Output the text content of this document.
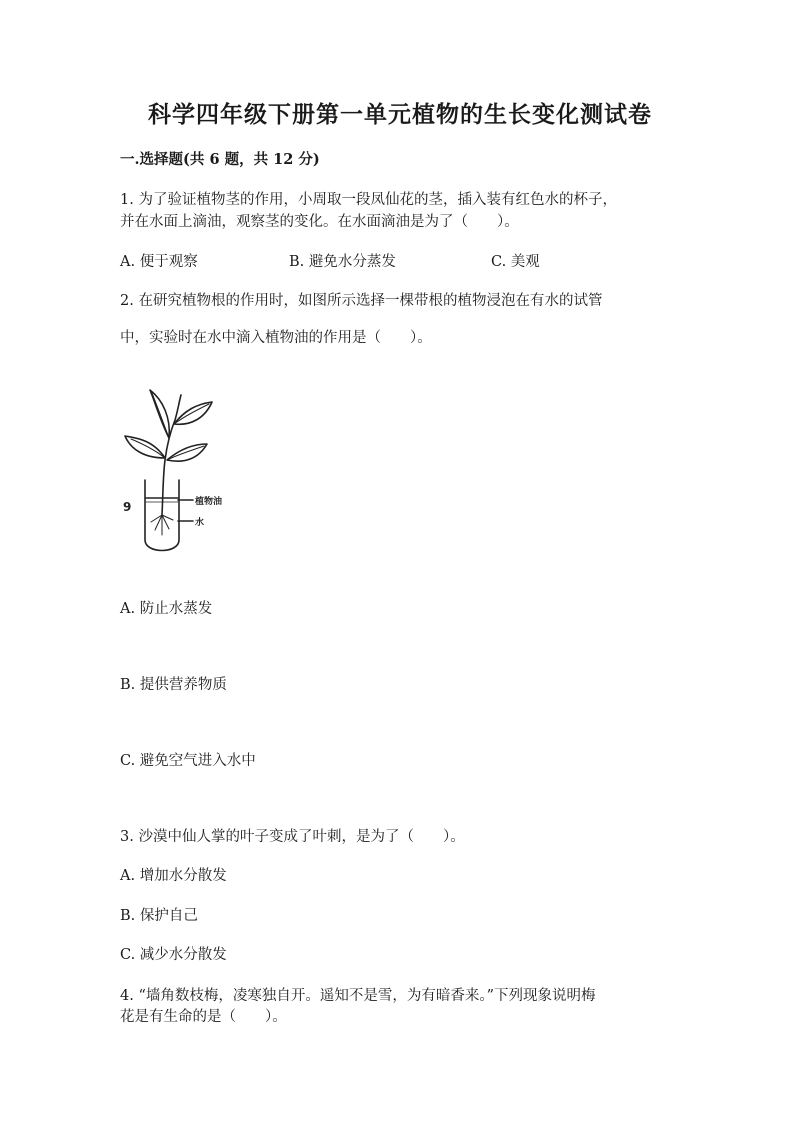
科学四年级下册第一单元植物的生长变化测试卷
一.选择题(共 6 题，共 12 分)
1. 为了验证植物茎的作用，小周取一段凤仙花的茎，插入装有红色水的杯子，
并在水面上滴油，观察茎的变化。在水面滴油是为了（　　）。
A. 便于观察	B. 避免水分蒸发	C. 美观
2. 在研究植物根的作用时，如图所示选择一棵带根的植物浸泡在有水的试管
中，实验时在水中滴入植物油的作用是（　　）。
9	植物油
水
A. 防止水蒸发
B. 提供营养物质
C. 避免空气进入水中
3. 沙漠中仙人掌的叶子变成了叶刺，是为了（　　）。
A. 增加水分散发
B. 保护自己
C. 减少水分散发
4. “墙角数枝梅，凌寒独自开。遥知不是雪，为有暗香来。”下列现象说明梅
花是有生命的是（　　）。
